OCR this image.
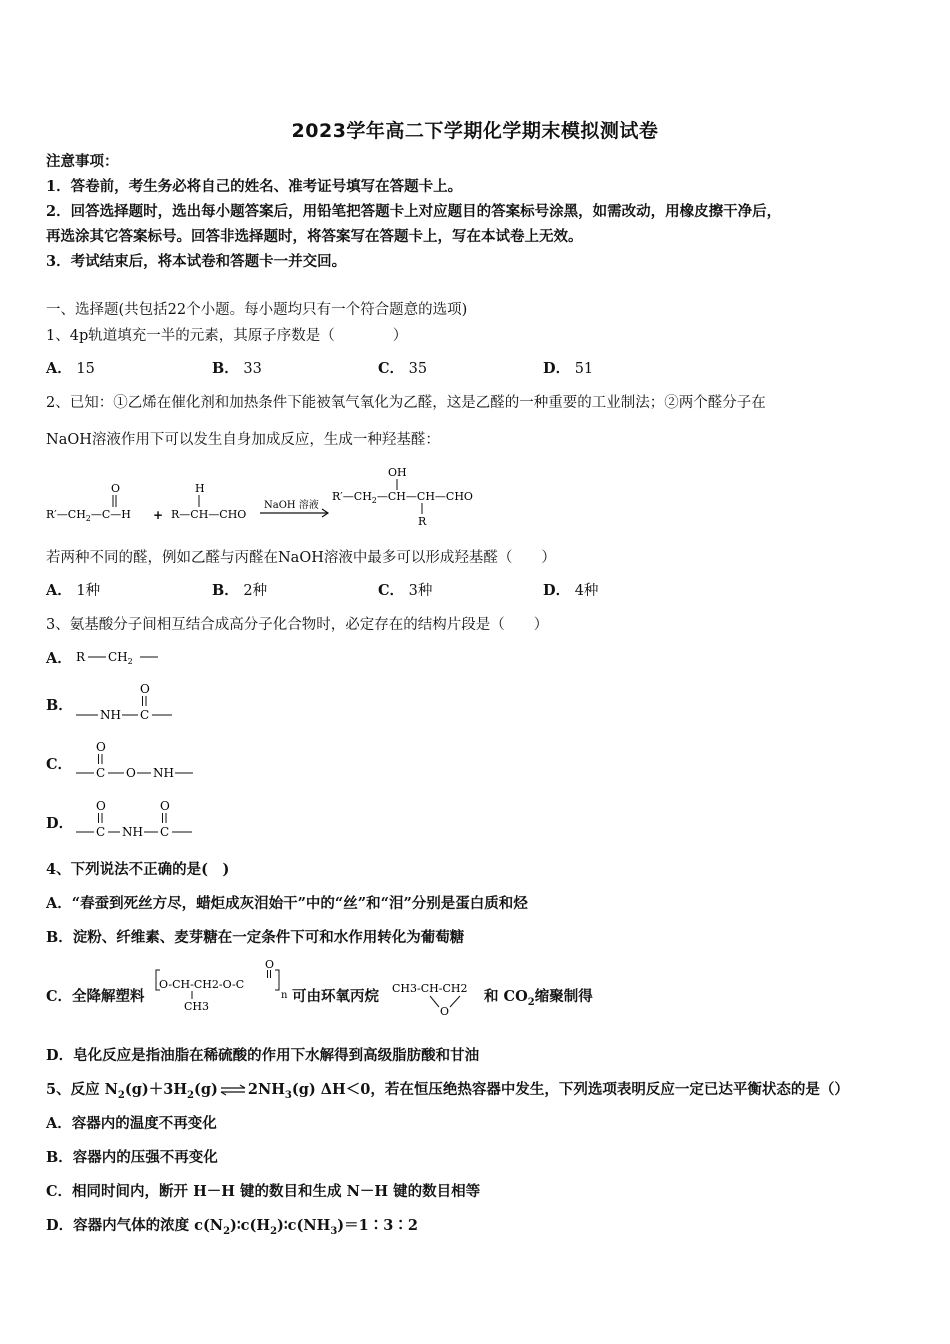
2023学年高二下学期化学期末模拟测试卷
注意事项：
1．答卷前，考生务必将自己的姓名、准考证号填写在答题卡上。
2．回答选择题时，选出每小题答案后，用铅笔把答题卡上对应题目的答案标号涂黑，如需改动，用橡皮擦干净后，
再选涂其它答案标号。回答非选择题时，将答案写在答题卡上，写在本试卷上无效。
3．考试结束后，将本试卷和答题卡一并交回。
一、选择题(共包括22个小题。每小题均只有一个符合题意的选项)
1、4p轨道填充一半的元素，其原子序数是（　　　　）
A． 15	B． 33	C． 35	D． 51
2、已知：①乙烯在催化剂和加热条件下能被氧气氧化为乙醛，这是乙醛的一种重要的工业制法；②两个醛分子在
NaOH溶液作用下可以发生自身加成反应，生成一种羟基醛：
$R'—CH_2—C—H$
O
+ R—CH—CHO
H
NaOH 溶液
$R'—CH_2—CH—CH—CHO$
OH
R
若两种不同的醛，例如乙醛与丙醛在NaOH溶液中最多可以形成羟基醛（　　）
A． 1种	B． 2种	C． 3种	D． 4种
3、氨基酸分子间相互结合成高分子化合物时，必定存在的结构片段是（　　）
A． R $CH_2$
B．
NH C
O
C． C
O
O NH
D． C
O
NH C
O
4、下列说法不正确的是(　)
A．“春蚕到死丝方尽，蜡炬成灰泪始干”中的“丝”和“泪”分别是蛋白质和烃
B．淀粉、纤维素、麦芽糖在一定条件下可和水作用转化为葡萄糖
C．全降解塑料
O-CH-CH2-O-C
O
n
CH3
可由环氧丙烷 CH3-CH-CH2
O
和 $CO_2$缩聚制得
D．皂化反应是指油脂在稀硫酸的作用下水解得到高级脂肪酸和甘油
5、反应 $N_2(g)+3H_2(g)\rightleftharpoons 2NH_3(g)$ ΔH＜0，若在恒压绝热容器中发生，下列选项表明反应一定已达平衡状态的是（）
A．容器内的温度不再变化
B．容器内的压强不再变化
C．相同时间内，断开 H－H 键的数目和生成 N－H 键的数目相等
D．容器内气体的浓度 $c(N_2)∶c(H_2)∶c(NH_3)=1∶3∶2$
